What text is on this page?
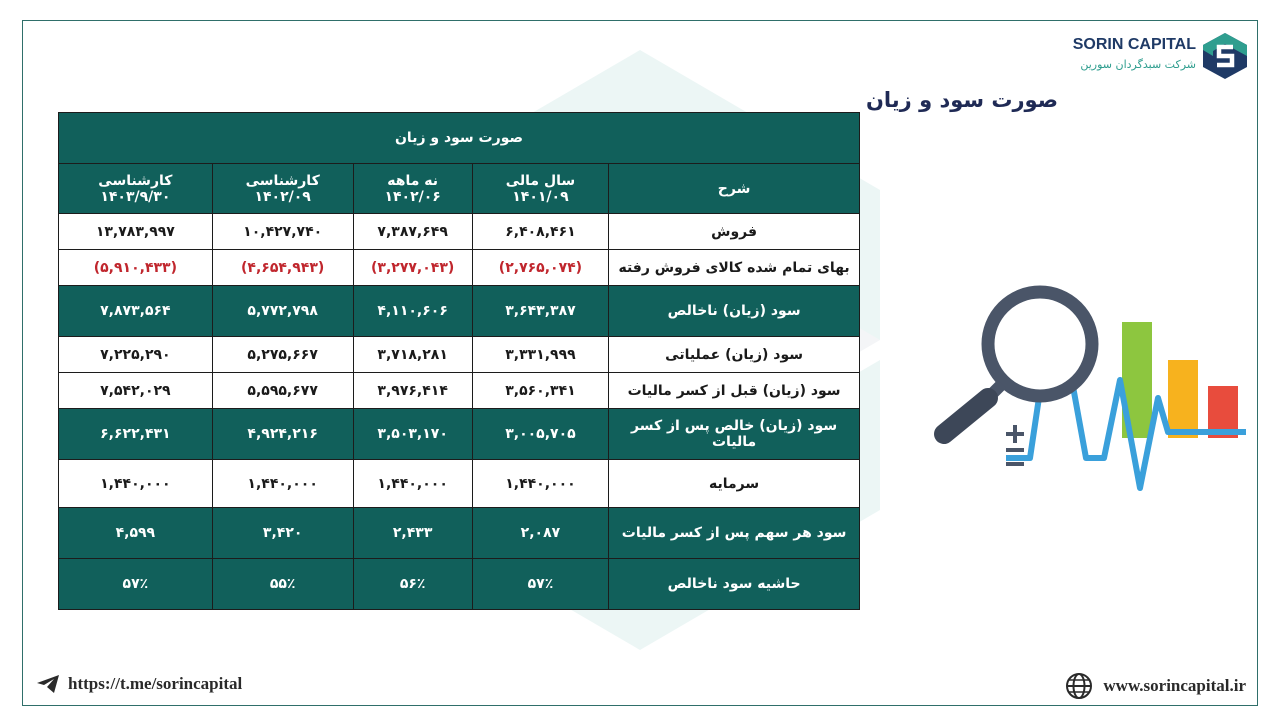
SORIN CAPITAL
شرکت سبدگردان سورین
صورت سود و زیان
صورت سود و زیان				
شرح	سال مالی ۱۴۰۱/۰۹	نه ماهه ۱۴۰۲/۰۶	کارشناسی ۱۴۰۲/۰۹	کارشناسی ۱۴۰۳/۹/۳۰
فروش	۶,۴۰۸,۴۶۱	۷,۳۸۷,۶۴۹	۱۰,۴۲۷,۷۴۰	۱۳,۷۸۳,۹۹۷
بهای تمام شده کالای فروش رفته	(۲,۷۶۵,۰۷۴)	(۳,۲۷۷,۰۴۳)	(۴,۶۵۴,۹۴۳)	(۵,۹۱۰,۴۳۳)
سود (زیان) ناخالص	۳,۶۴۳,۳۸۷	۴,۱۱۰,۶۰۶	۵,۷۷۲,۷۹۸	۷,۸۷۳,۵۶۴
سود (زیان) عملیاتی	۳,۳۳۱,۹۹۹	۳,۷۱۸,۲۸۱	۵,۲۷۵,۶۶۷	۷,۲۲۵,۲۹۰
سود (زیان) قبل از کسر مالیات	۳,۵۶۰,۳۴۱	۳,۹۷۶,۴۱۴	۵,۵۹۵,۶۷۷	۷,۵۴۲,۰۲۹
سود (زیان) خالص پس از کسر مالیات	۳,۰۰۵,۷۰۵	۳,۵۰۳,۱۷۰	۴,۹۲۴,۲۱۶	۶,۶۲۲,۴۳۱
سرمایه	۱,۴۴۰,۰۰۰	۱,۴۴۰,۰۰۰	۱,۴۴۰,۰۰۰	۱,۴۴۰,۰۰۰
سود هر سهم پس از کسر مالیات	۲,۰۸۷	۲,۴۳۳	۳,۴۲۰	۴,۵۹۹
حاشیه سود ناخالص	۵۷٪	۵۶٪	۵۵٪	۵۷٪
https://t.me/sorincapital	www.sorincapital.ir
